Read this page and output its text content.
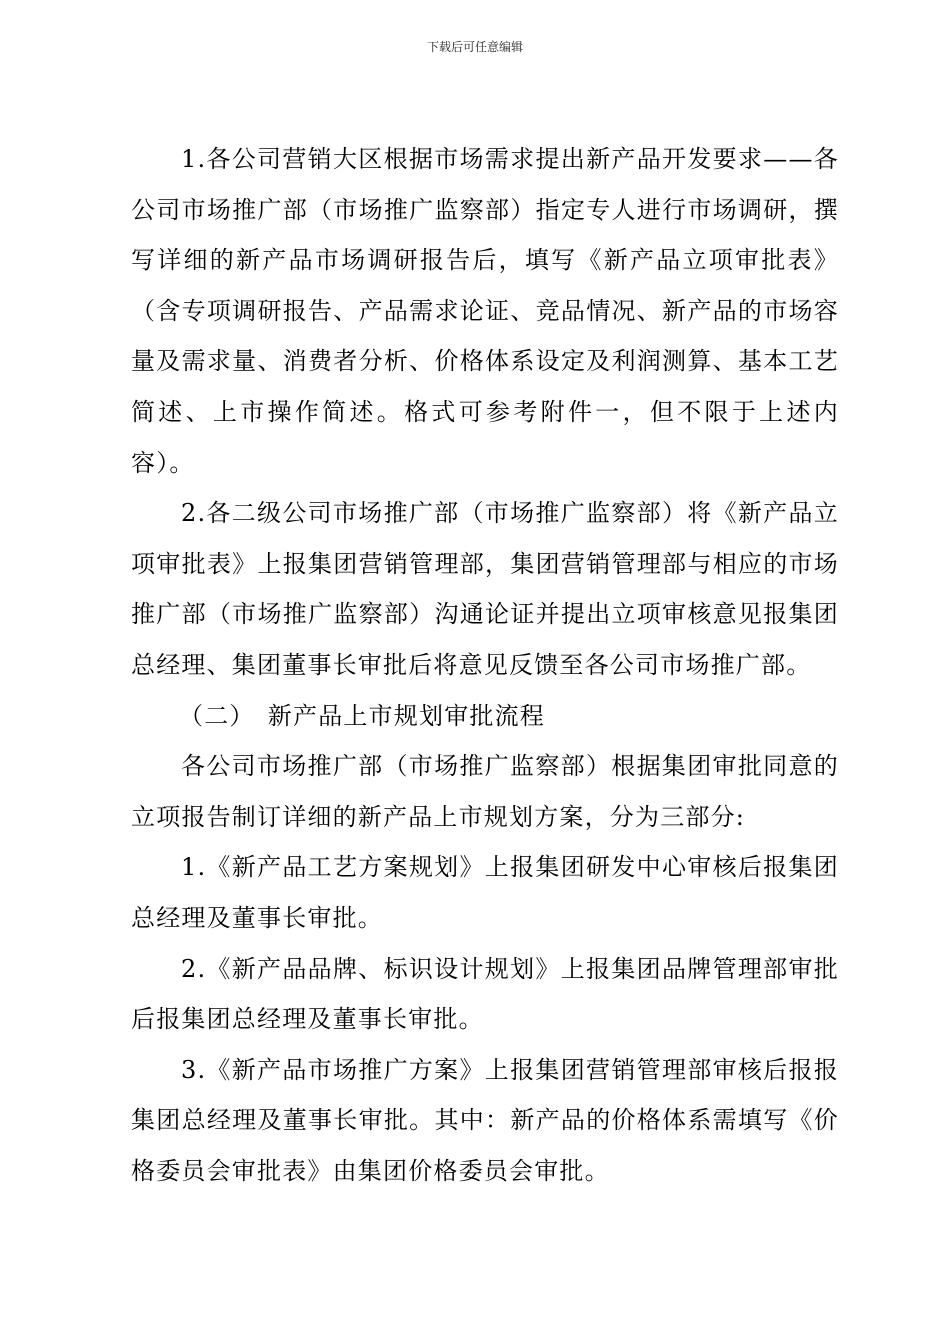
下载后可任意编辑

1.各公司营销大区根据市场需求提出新产品开发要求——各公司市场推广部（市场推广监察部）指定专人进行市场调研，撰写详细的新产品市场调研报告后，填写《新产品立项审批表》（含专项调研报告、产品需求论证、竞品情况、新产品的市场容量及需求量、消费者分析、价格体系设定及利润测算、基本工艺简述、上市操作简述。格式可参考附件一，但不限于上述内容）。

2.各二级公司市场推广部（市场推广监察部）将《新产品立项审批表》上报集团营销管理部，集团营销管理部与相应的市场推广部（市场推广监察部）沟通论证并提出立项审核意见报集团总经理、集团董事长审批后将意见反馈至各公司市场推广部。

（二）　新产品上市规划审批流程

各公司市场推广部（市场推广监察部）根据集团审批同意的立项报告制订详细的新产品上市规划方案，分为三部分:

1.《新产品工艺方案规划》上报集团研发中心审核后报集团总经理及董事长审批。

2.《新产品品牌、标识设计规划》上报集团品牌管理部审批后报集团总经理及董事长审批。

3.《新产品市场推广方案》上报集团营销管理部审核后报报集团总经理及董事长审批。其中：新产品的价格体系需填写《价格委员会审批表》由集团价格委员会审批。
